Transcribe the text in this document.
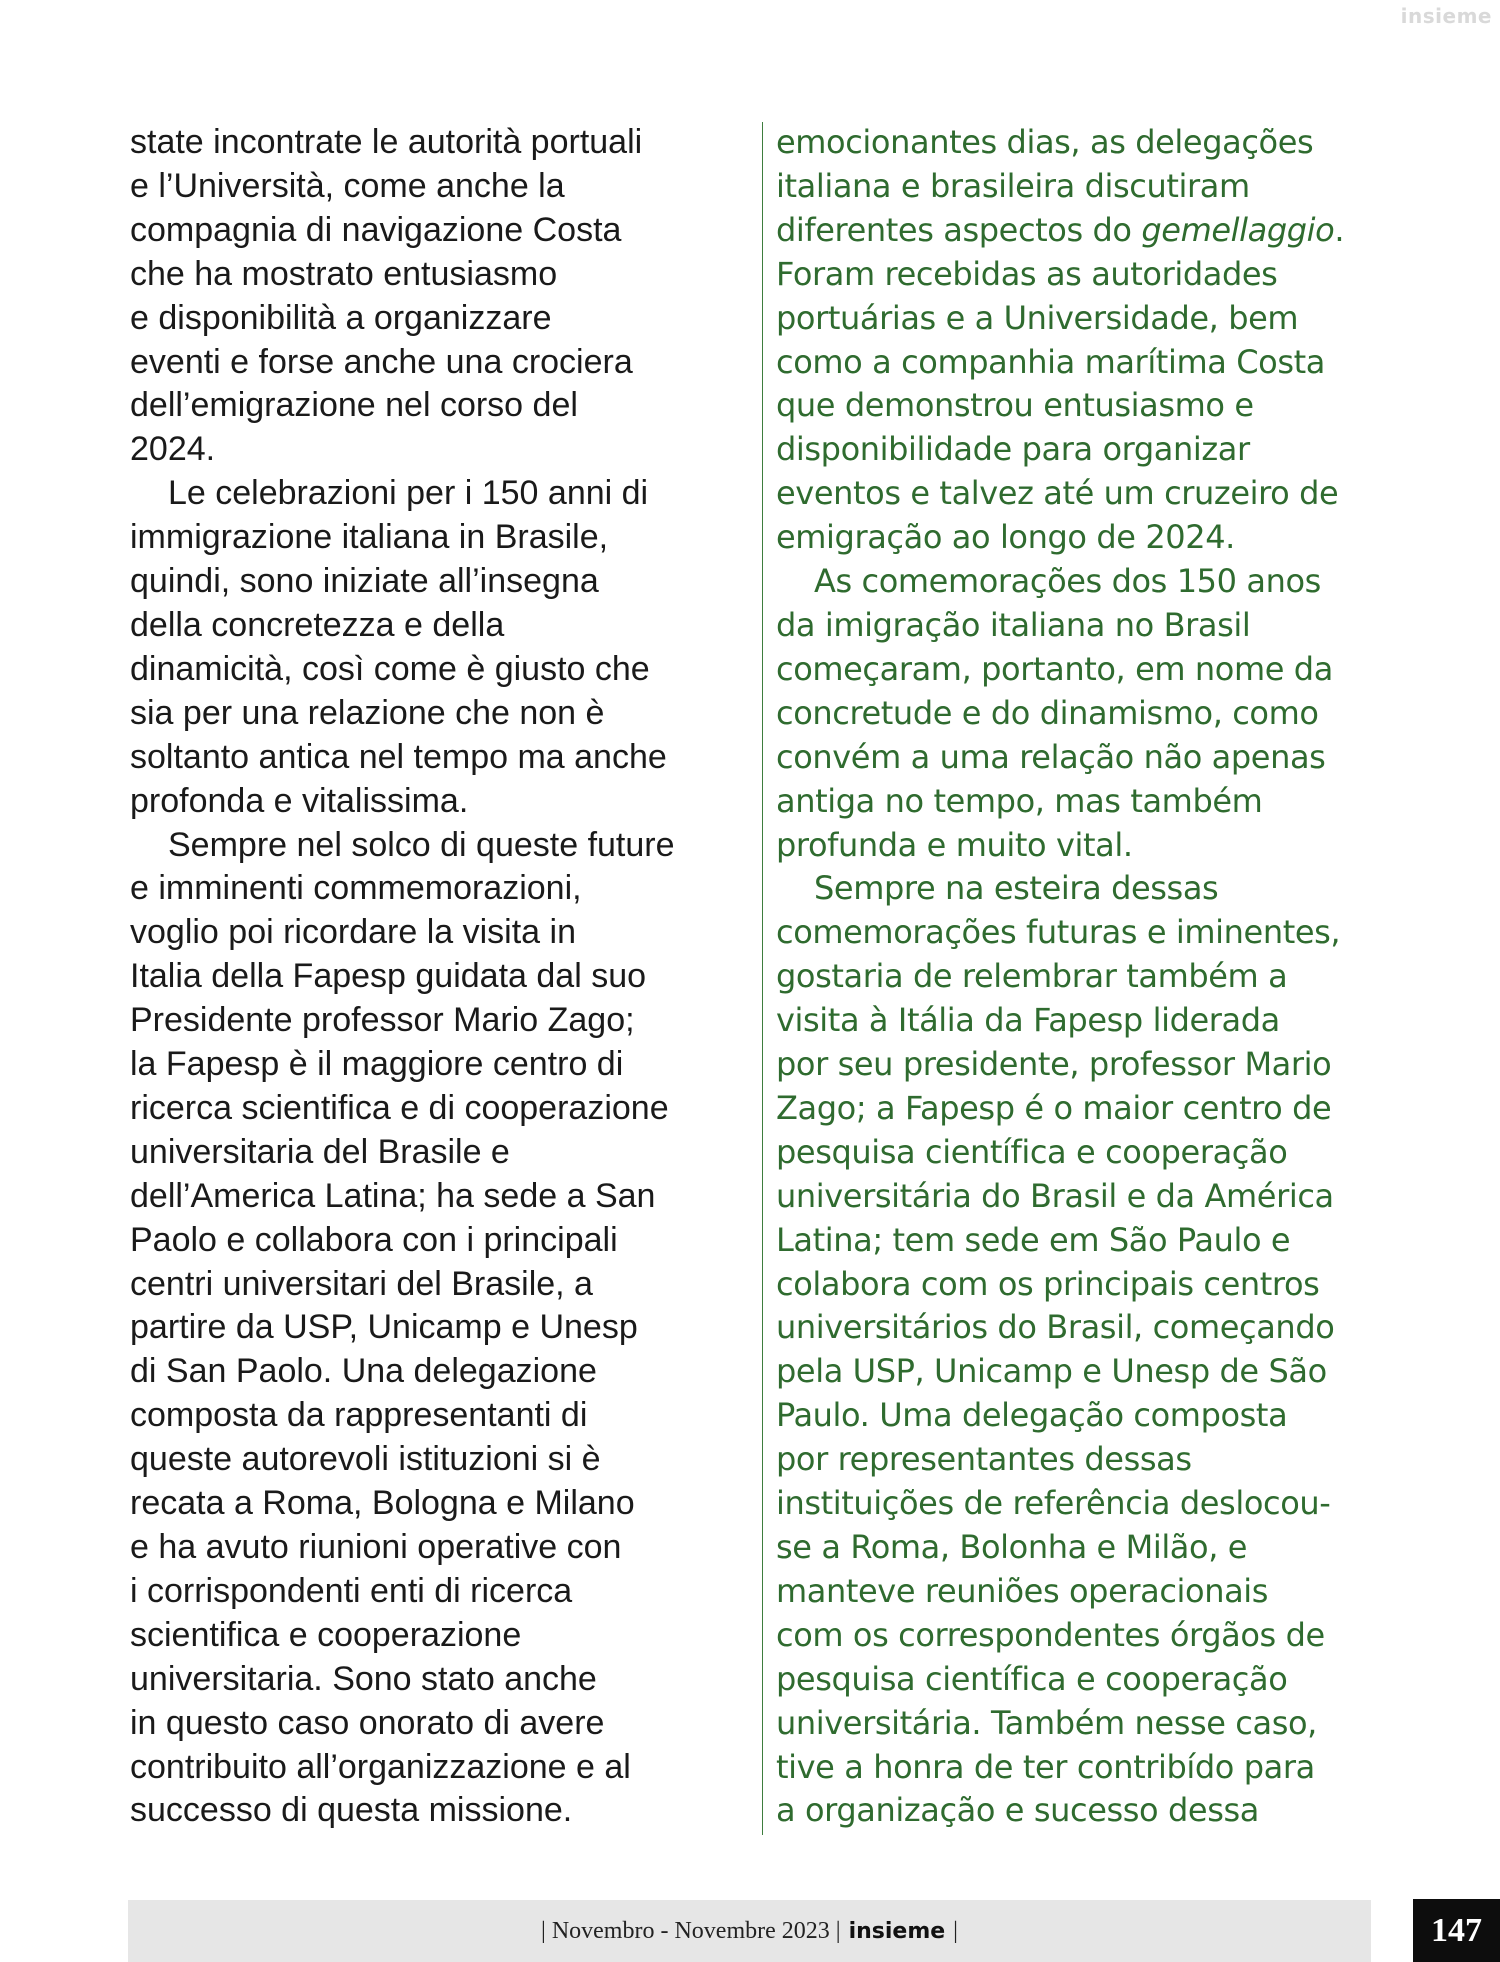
insieme

state incontrate le autorità portuali
e l’Università, come anche la
compagnia di navigazione Costa
che ha mostrato entusiasmo
e disponibilità a organizzare
eventi e forse anche una crociera
dell’emigrazione nel corso del
2024.

Le celebrazioni per i 150 anni di
immigrazione italiana in Brasile,
quindi, sono iniziate all’insegna
della concretezza e della
dinamicità, così come è giusto che
sia per una relazione che non è
soltanto antica nel tempo ma anche
profonda e vitalissima.

Sempre nel solco di queste future
e imminenti commemorazioni,
voglio poi ricordare la visita in
Italia della Fapesp guidata dal suo
Presidente professor Mario Zago;
la Fapesp è il maggiore centro di
ricerca scientifica e di cooperazione
universitaria del Brasile e
dell’America Latina; ha sede a San
Paolo e collabora con i principali
centri universitari del Brasile, a
partire da USP, Unicamp e Unesp
di San Paolo. Una delegazione
composta da rappresentanti di
queste autorevoli istituzioni si è
recata a Roma, Bologna e Milano
e ha avuto riunioni operative con
i corrispondenti enti di ricerca
scientifica e cooperazione
universitaria. Sono stato anche
in questo caso onorato di avere
contribuito all’organizzazione e al
successo di questa missione.

emocionantes dias, as delegações
italiana e brasileira discutiram
diferentes aspectos do gemellaggio.
Foram recebidas as autoridades
portuárias e a Universidade, bem
como a companhia marítima Costa
que demonstrou entusiasmo e
disponibilidade para organizar
eventos e talvez até um cruzeiro de
emigração ao longo de 2024.

As comemorações dos 150 anos
da imigração italiana no Brasil
começaram, portanto, em nome da
concretude e do dinamismo, como
convém a uma relação não apenas
antiga no tempo, mas também
profunda e muito vital.

Sempre na esteira dessas
comemorações futuras e iminentes,
gostaria de relembrar também a
visita à Itália da Fapesp liderada
por seu presidente, professor Mario
Zago; a Fapesp é o maior centro de
pesquisa científica e cooperação
universitária do Brasil e da América
Latina; tem sede em São Paulo e
colabora com os principais centros
universitários do Brasil, começando
pela USP, Unicamp e Unesp de São
Paulo. Uma delegação composta
por representantes dessas
instituições de referência deslocou-
se a Roma, Bolonha e Milão, e
manteve reuniões operacionais
com os correspondentes órgãos de
pesquisa científica e cooperação
universitária. Também nesse caso,
tive a honra de ter contribído para
a organização e sucesso dessa

| Novembro - Novembre 2023 | insieme |	147
